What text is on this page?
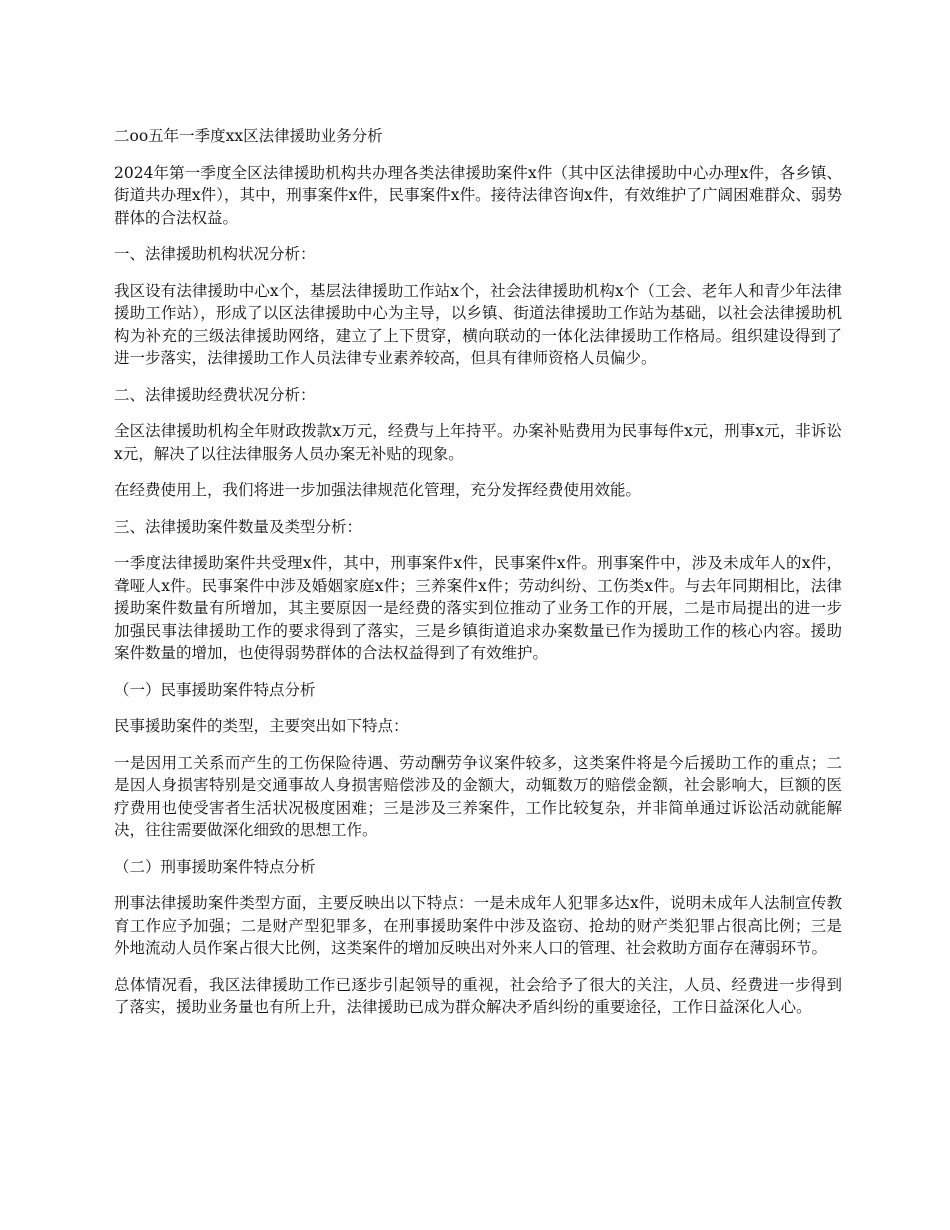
二oo五年一季度xx区法律援助业务分析

2024年第一季度全区法律援助机构共办理各类法律援助案件x件（其中区法律援助中心办理x件，各乡镇、街道共办理x件），其中，刑事案件x件，民事案件x件。接待法律咨询x件，有效维护了广阔困难群众、弱势群体的合法权益。

一、法律援助机构状况分析：

我区设有法律援助中心x个，基层法律援助工作站x个，社会法律援助机构x个（工会、老年人和青少年法律援助工作站），形成了以区法律援助中心为主导，以乡镇、街道法律援助工作站为基础，以社会法律援助机构为补充的三级法律援助网络，建立了上下贯穿，横向联动的一体化法律援助工作格局。组织建设得到了进一步落实，法律援助工作人员法律专业素养较高，但具有律师资格人员偏少。

二、法律援助经费状况分析：

全区法律援助机构全年财政拨款x万元，经费与上年持平。办案补贴费用为民事每件x元，刑事x元，非诉讼x元，解决了以往法律服务人员办案无补贴的现象。

在经费使用上，我们将进一步加强法律规范化管理，充分发挥经费使用效能。

三、法律援助案件数量及类型分析：

一季度法律援助案件共受理x件，其中，刑事案件x件，民事案件x件。刑事案件中，涉及未成年人的x件，聋哑人x件。民事案件中涉及婚姻家庭x件；三养案件x件；劳动纠纷、工伤类x件。与去年同期相比，法律援助案件数量有所增加，其主要原因一是经费的落实到位推动了业务工作的开展，二是市局提出的进一步加强民事法律援助工作的要求得到了落实，三是乡镇街道追求办案数量已作为援助工作的核心内容。援助案件数量的增加，也使得弱势群体的合法权益得到了有效维护。

（一）民事援助案件特点分析

民事援助案件的类型，主要突出如下特点：

一是因用工关系而产生的工伤保险待遇、劳动酬劳争议案件较多，这类案件将是今后援助工作的重点；二是因人身损害特别是交通事故人身损害赔偿涉及的金额大，动辄数万的赔偿金额，社会影响大，巨额的医疗费用也使受害者生活状况极度困难；三是涉及三养案件，工作比较复杂，并非简单通过诉讼活动就能解决，往往需要做深化细致的思想工作。

（二）刑事援助案件特点分析

刑事法律援助案件类型方面，主要反映出以下特点：一是未成年人犯罪多达x件，说明未成年人法制宣传教育工作应予加强；二是财产型犯罪多，在刑事援助案件中涉及盗窃、抢劫的财产类犯罪占很高比例；三是外地流动人员作案占很大比例，这类案件的增加反映出对外来人口的管理、社会救助方面存在薄弱环节。

总体情况看，我区法律援助工作已逐步引起领导的重视，社会给予了很大的关注，人员、经费进一步得到了落实，援助业务量也有所上升，法律援助已成为群众解决矛盾纠纷的重要途径，工作日益深化人心。
